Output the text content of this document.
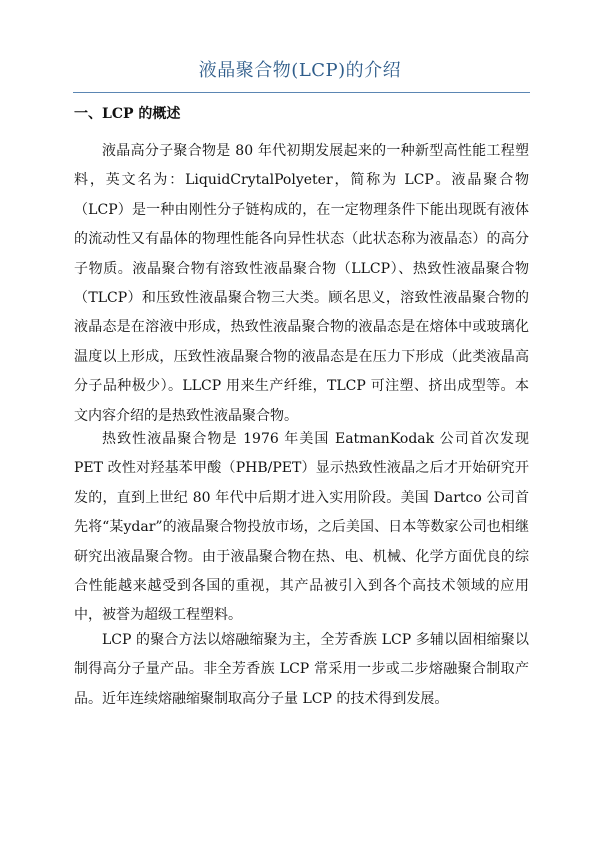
液晶聚合物(LCP)的介绍
一、LCP 的概述

液晶高分子聚合物是 80 年代初期发展起来的一种新型高性能工程塑料，英文名为：LiquidCrytalPolyeter，简称为 LCP。液晶聚合物（LCP）是一种由刚性分子链构成的，在一定物理条件下能出现既有液体的流动性又有晶体的物理性能各向异性状态（此状态称为液晶态）的高分子物质。液晶聚合物有溶致性液晶聚合物（LLCP）、热致性液晶聚合物（TLCP）和压致性液晶聚合物三大类。顾名思义，溶致性液晶聚合物的液晶态是在溶液中形成，热致性液晶聚合物的液晶态是在熔体中或玻璃化温度以上形成，压致性液晶聚合物的液晶态是在压力下形成（此类液晶高分子品种极少）。LLCP 用来生产纤维，TLCP 可注塑、挤出成型等。本文内容介绍的是热致性液晶聚合物。

热致性液晶聚合物是 1976 年美国 EatmanKodak 公司首次发现 PET 改性对羟基苯甲酸（PHB/PET）显示热致性液晶之后才开始研究开发的，直到上世纪 80 年代中后期才进入实用阶段。美国 Dartco 公司首先将“某ydar”的液晶聚合物投放市场，之后美国、日本等数家公司也相继研究出液晶聚合物。由于液晶聚合物在热、电、机械、化学方面优良的综合性能越来越受到各国的重视，其产品被引入到各个高技术领域的应用中，被誉为超级工程塑料。

LCP 的聚合方法以熔融缩聚为主，全芳香族 LCP 多辅以固相缩聚以制得高分子量产品。非全芳香族 LCP 常采用一步或二步熔融聚合制取产品。近年连续熔融缩聚制取高分子量 LCP 的技术得到发展。
